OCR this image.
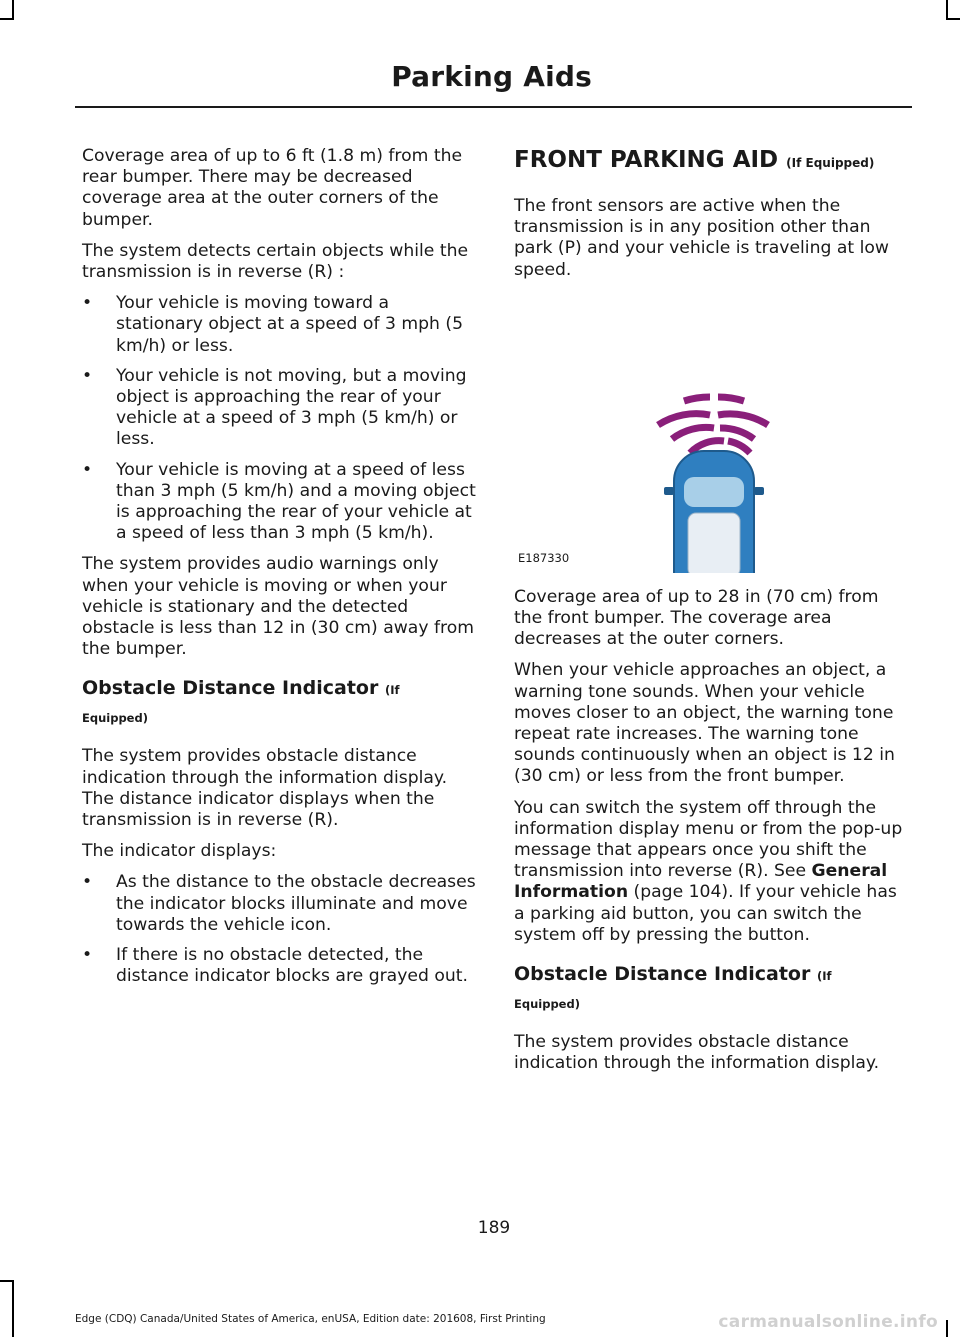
Parking Aids

Coverage area of up to 6 ft (1.8 m) from the rear bumper. There may be decreased coverage area at the outer corners of the bumper.

The system detects certain objects while the transmission is in reverse (R) :

• Your vehicle is moving toward a stationary object at a speed of 3 mph (5 km/h) or less.
• Your vehicle is not moving, but a moving object is approaching the rear of your vehicle at a speed of 3 mph (5 km/h) or less.
• Your vehicle is moving at a speed of less than 3 mph (5 km/h) and a moving object is approaching the rear of your vehicle at a speed of less than 3 mph (5 km/h).

The system provides audio warnings only when your vehicle is moving or when your vehicle is stationary and the detected obstacle is less than 12 in (30 cm) away from the bumper.

Obstacle Distance Indicator (If
Equipped)

The system provides obstacle distance indication through the information display. The distance indicator displays when the transmission is in reverse (R).

The indicator displays:

• As the distance to the obstacle decreases the indicator blocks illuminate and move towards the vehicle icon.
• If there is no obstacle detected, the distance indicator blocks are grayed out.
FRONT PARKING AID (If Equipped)

The front sensors are active when the transmission is in any position other than park (P) and your vehicle is traveling at low speed.

E187330

Coverage area of up to 28 in (70 cm) from the front bumper. The coverage area decreases at the outer corners.

When your vehicle approaches an object, a warning tone sounds. When your vehicle moves closer to an object, the warning tone repeat rate increases. The warning tone sounds continuously when an object is 12 in (30 cm) or less from the front bumper.

You can switch the system off through the information display menu or from the pop-up message that appears once you shift the transmission into reverse (R). See General Information (page 104). If your vehicle has a parking aid button, you can switch the system off by pressing the button.

Obstacle Distance Indicator (If
Equipped)

The system provides obstacle distance indication through the information display.

189
Edge (CDQ) Canada/United States of America, enUSA, Edition date: 201608, First Printing	carmanualsonline.info
